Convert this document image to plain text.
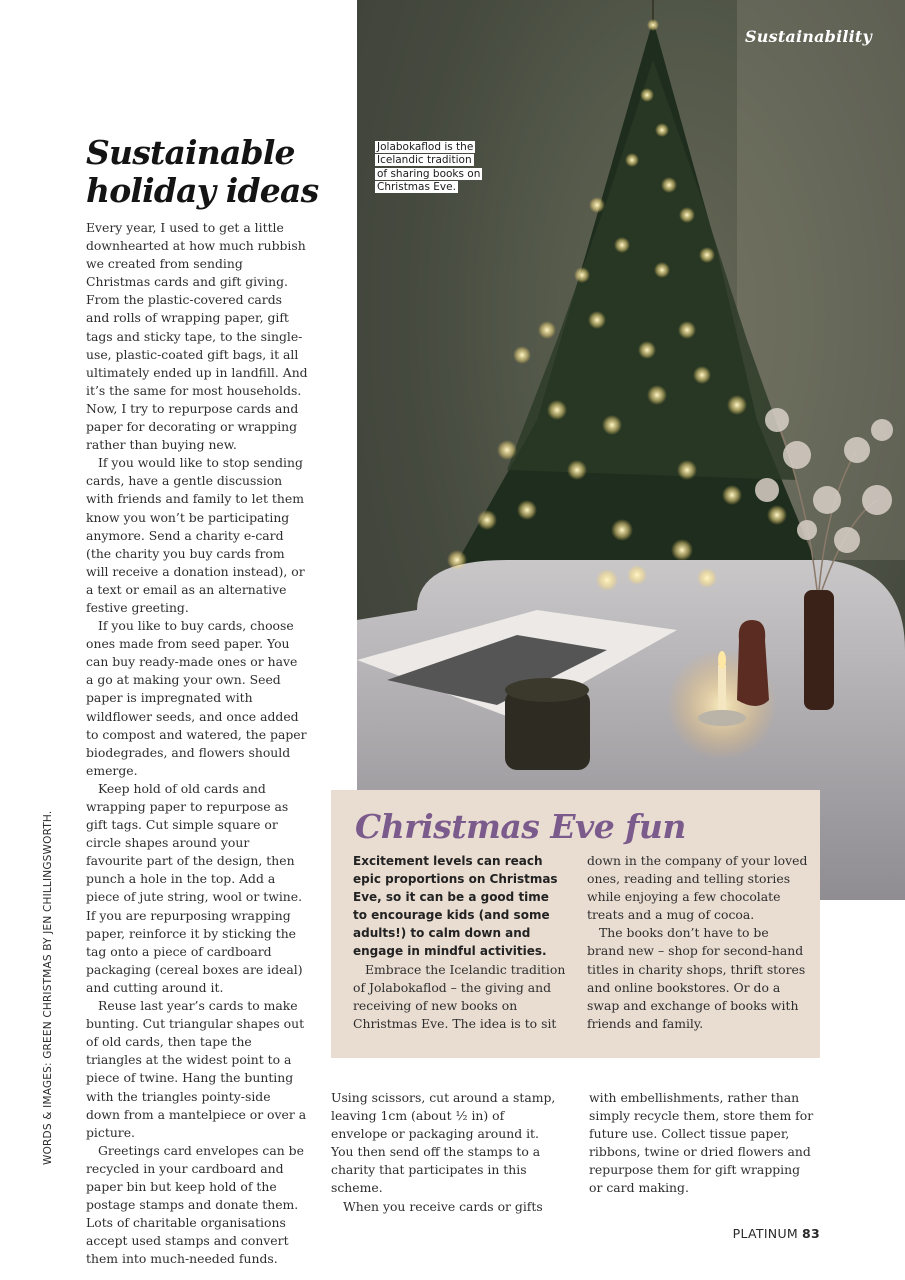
Sustainability
Jolabokaflod is the Icelandic tradition of sharing books on Christmas Eve.
Sustainable holiday ideas

Every year, I used to get a little downhearted at how much rubbish we created from sending Christmas cards and gift giving. From the plastic-covered cards and rolls of wrapping paper, gift tags and sticky tape, to the single-use, plastic-coated gift bags, it all ultimately ended up in landfill. And it’s the same for most households. Now, I try to repurpose cards and paper for decorating or wrapping rather than buying new.

If you would like to stop sending cards, have a gentle discussion with friends and family to let them know you won’t be participating anymore. Send a charity e-card (the charity you buy cards from will receive a donation instead), or a text or email as an alternative festive greeting.

If you like to buy cards, choose ones made from seed paper. You can buy ready-made ones or have a go at making your own. Seed paper is impregnated with wildflower seeds, and once added to compost and watered, the paper biodegrades, and flowers should emerge.

Keep hold of old cards and wrapping paper to repurpose as gift tags. Cut simple square or circle shapes around your favourite part of the design, then punch a hole in the top. Add a piece of jute string, wool or twine. If you are repurposing wrapping paper, reinforce it by sticking the tag onto a piece of cardboard packaging (cereal boxes are ideal) and cutting around it.

Reuse last year’s cards to make bunting. Cut triangular shapes out of old cards, then tape the triangles at the widest point to a piece of twine. Hang the bunting with the triangles pointy-side down from a mantelpiece or over a picture.

Greetings card envelopes can be recycled in your cardboard and paper bin but keep hold of the postage stamps and donate them. Lots of charitable organisations accept used stamps and convert them into much-needed funds.

Christmas Eve fun

Excitement levels can reach epic proportions on Christmas Eve, so it can be a good time to encourage kids (and some adults!) to calm down and engage in mindful activities.

Embrace the Icelandic tradition of Jolabokaflod – the giving and receiving of new books on Christmas Eve. The idea is to sit

down in the company of your loved ones, reading and telling stories while enjoying a few chocolate treats and a mug of cocoa.

The books don’t have to be brand new – shop for second-hand titles in charity shops, thrift stores and online bookstores. Or do a swap and exchange of books with friends and family.

Using scissors, cut around a stamp, leaving 1cm (about ½ in) of envelope or packaging around it. You then send off the stamps to a charity that participates in this scheme.

When you receive cards or gifts

with embellishments, rather than simply recycle them, store them for future use. Collect tissue paper, ribbons, twine or dried flowers and repurpose them for gift wrapping or card making.

WORDS & IMAGES: GREEN CHRISTMAS BY JEN CHILLINGSWORTH.
PLATINUM 83
